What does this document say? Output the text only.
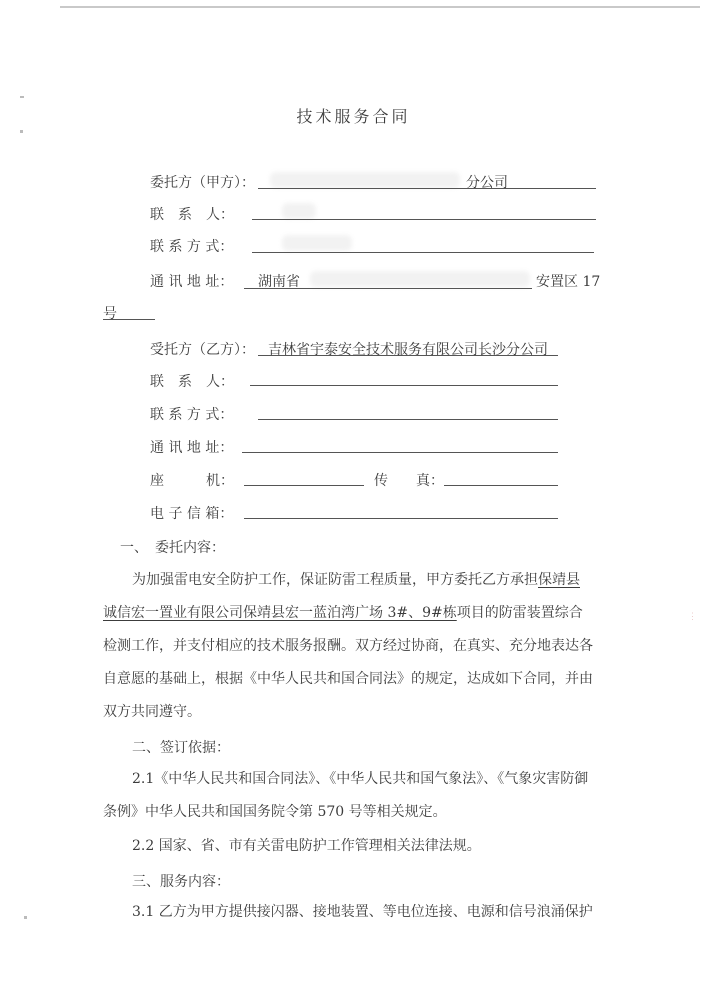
⋮
技术服务合同
委托方（甲方）：	分公司
联　系　人：
联 系 方 式：
通 讯 地 址： 湖南省	安置区 17
号
受托方（乙方）： 吉林省宇泰安全技术服务有限公司长沙分公司
联　系　人：
联 系 方 式：
通 讯 地 址：
座　　　机：	传　　真：
电 子 信 箱：
一、　委托内容：
为加强雷电安全防护工作，保证防雷工程质量，甲方委托乙方承担保靖县
诚信宏一置业有限公司保靖县宏一蓝泊湾广场 3#、9#栋项目的防雷装置综合
检测工作，并支付相应的技术服务报酬。双方经过协商，在真实、充分地表达各
自意愿的基础上，根据《中华人民共和国合同法》的规定，达成如下合同，并由
双方共同遵守。
二、签订依据：
2.1《中华人民共和国合同法》、《中华人民共和国气象法》、《气象灾害防御
条例》中华人民共和国国务院令第 570 号等相关规定。
2.2 国家、省、市有关雷电防护工作管理相关法律法规。
三、服务内容：
3.1 乙方为甲方提供接闪器、接地装置、等电位连接、电源和信号浪涌保护
